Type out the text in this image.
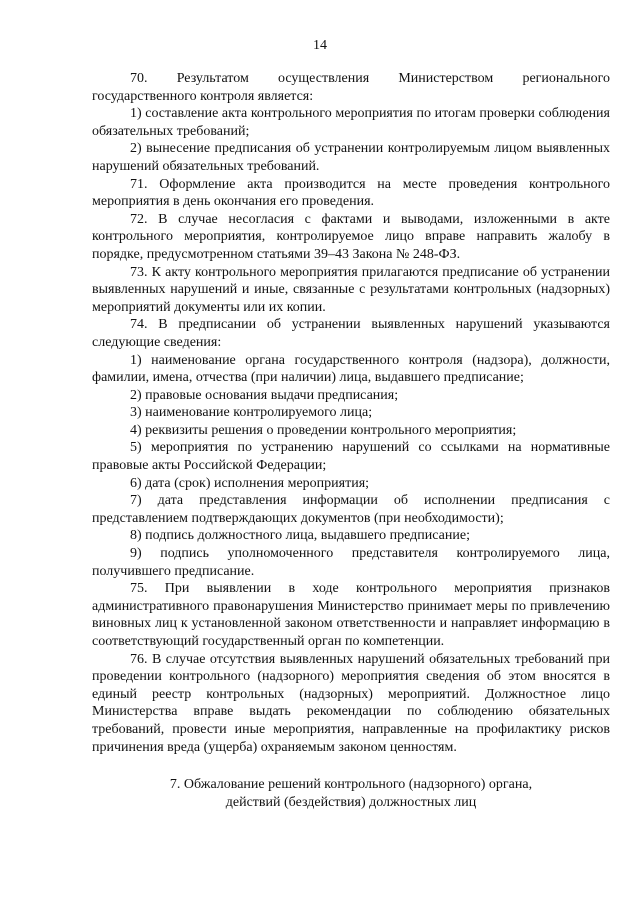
14

70. Результатом осуществления Министерством регионального государственного контроля является:

1) составление акта контрольного мероприятия по итогам проверки соблюдения обязательных требований;

2) вынесение предписания об устранении контролируемым лицом выявленных нарушений обязательных требований.

71. Оформление акта производится на месте проведения контрольного мероприятия в день окончания его проведения.

72. В случае несогласия с фактами и выводами, изложенными в акте контрольного мероприятия, контролируемое лицо вправе направить жалобу в порядке, предусмотренном статьями 39–43 Закона № 248-ФЗ.

73. К акту контрольного мероприятия прилагаются предписание об устранении выявленных нарушений и иные, связанные с результатами контрольных (надзорных) мероприятий документы или их копии.

74. В предписании об устранении выявленных нарушений указываются следующие сведения:

1) наименование органа государственного контроля (надзора), должности, фамилии, имена, отчества (при наличии) лица, выдавшего предписание;

2) правовые основания выдачи предписания;

3) наименование контролируемого лица;

4) реквизиты решения о проведении контрольного мероприятия;

5) мероприятия по устранению нарушений со ссылками на нормативные правовые акты Российской Федерации;

6) дата (срок) исполнения мероприятия;

7) дата представления информации об исполнении предписания с представлением подтверждающих документов (при необходимости);

8) подпись должностного лица, выдавшего предписание;

9) подпись уполномоченного представителя контролируемого лица, получившего предписание.

75. При выявлении в ходе контрольного мероприятия признаков административного правонарушения Министерство принимает меры по привлечению виновных лиц к установленной законом ответственности и направляет информацию в соответствующий государственный орган по компетенции.

76. В случае отсутствия выявленных нарушений обязательных требований при проведении контрольного (надзорного) мероприятия сведения об этом вносятся в единый реестр контрольных (надзорных) мероприятий. Должностное лицо Министерства вправе выдать рекомендации по соблюдению обязательных требований, провести иные мероприятия, направленные на профилактику рисков причинения вреда (ущерба) охраняемым законом ценностям.

7. Обжалование решений контрольного (надзорного) органа,
действий (бездействия) должностных лиц
